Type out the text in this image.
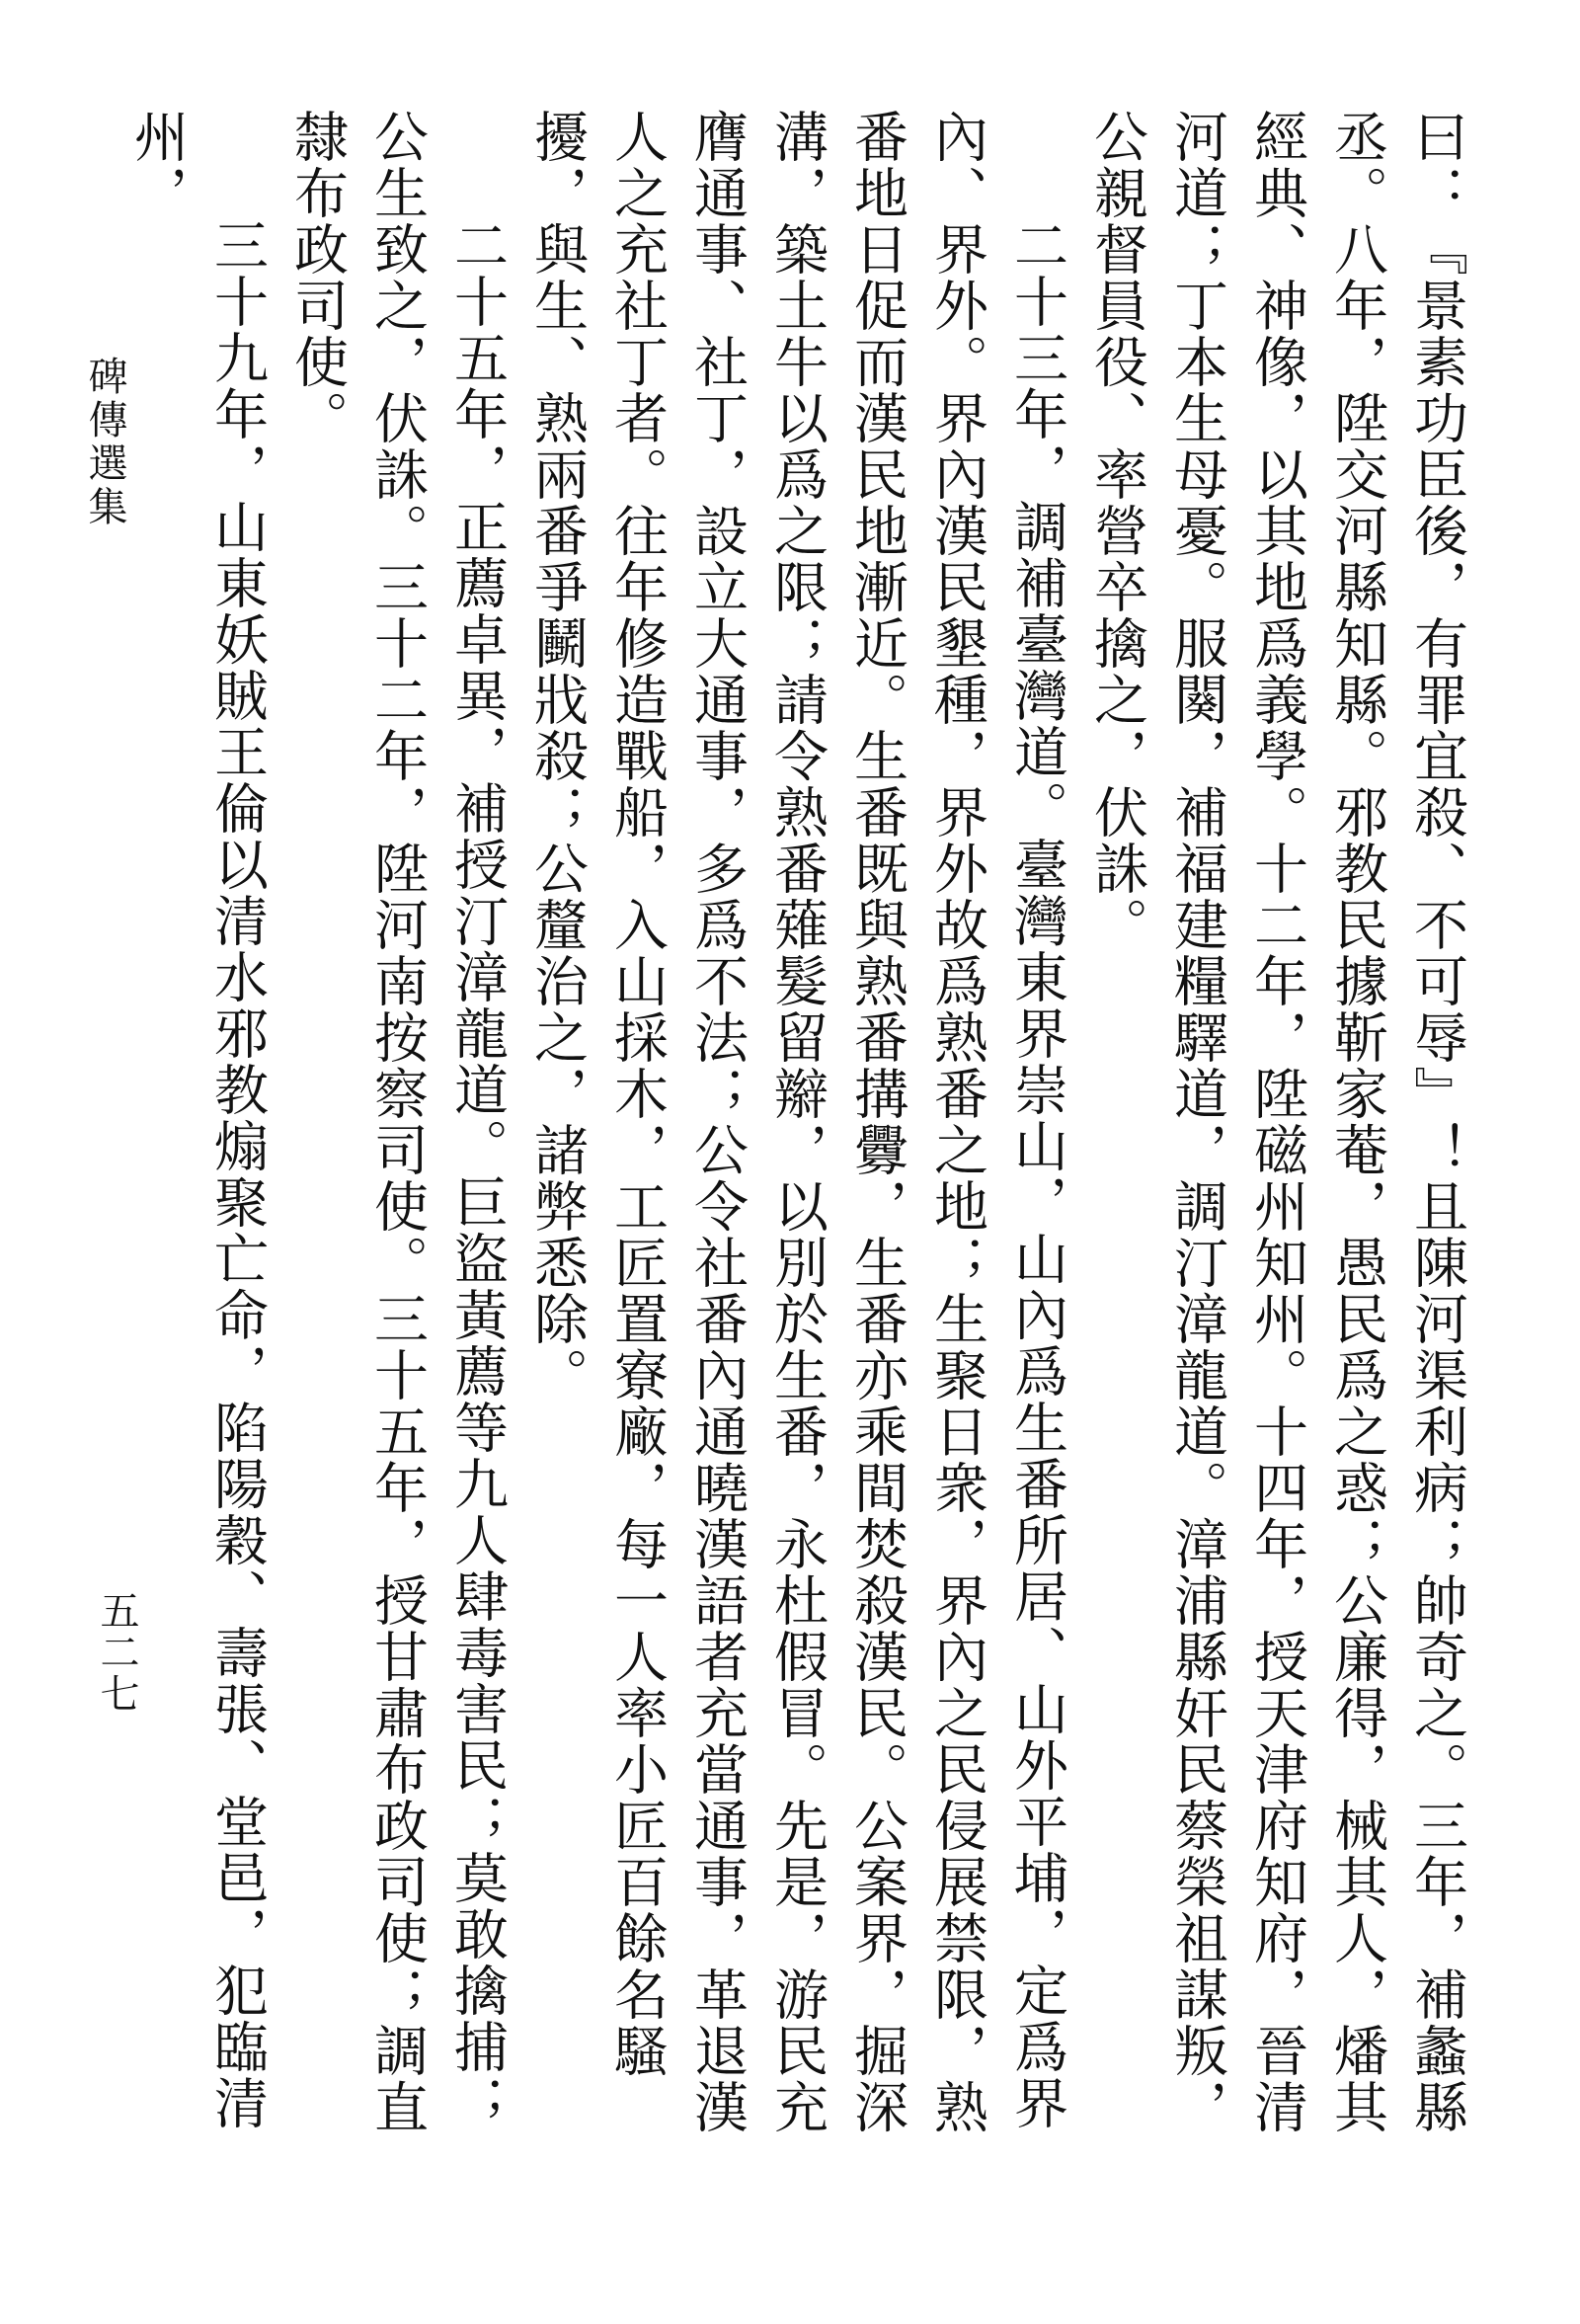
曰：『景素功臣後，有罪宜殺、不可辱』！且陳河渠利病；帥奇之。三年，補蠡縣丞。八年，陞交河縣知縣。邪教民據靳家菴，愚民爲之惑；公廉得，械其人，燔其經典、神像，以其地爲義學。十二年，陞磁州知州。十四年，授天津府知府，晉清河道；丁本生母憂。服闋，補福建糧驛道，調汀漳龍道。漳浦縣奸民蔡榮祖謀叛，公親督員役、率營卒擒之，伏誅。

二十三年，調補臺灣道。臺灣東界崇山，山內爲生番所居、山外平埔，定爲界內、界外。界內漢民墾種，界外故爲熟番之地；生聚日衆，界內之民侵展禁限，熟番地日促而漢民地漸近。生番既與熟番搆釁，生番亦乘間焚殺漢民。公案界，掘深溝，築土牛以爲之限；請令熟番薙髮留辮，以別於生番，永杜假冒。先是，游民充膺通事、社丁，設立大通事，多爲不法；公令社番內通曉漢語者充當通事，革退漢人之充社丁者。往年修造戰船，入山採木，工匠置寮廠，每一人率小匠百餘名騷擾，與生、熟兩番爭鬭戕殺；公釐治之，諸弊悉除。

二十五年，正薦卓異，補授汀漳龍道。巨盜黃薦等九人肆毒害民；莫敢擒捕；公生致之，伏誅。三十二年，陞河南按察司使。三十五年，授甘肅布政司使；調直隸布政司使。

三十九年，山東妖賊王倫以清水邪教煽聚亡命，陷陽穀、壽張、堂邑，犯臨清州，

碑傳選集
五二七
